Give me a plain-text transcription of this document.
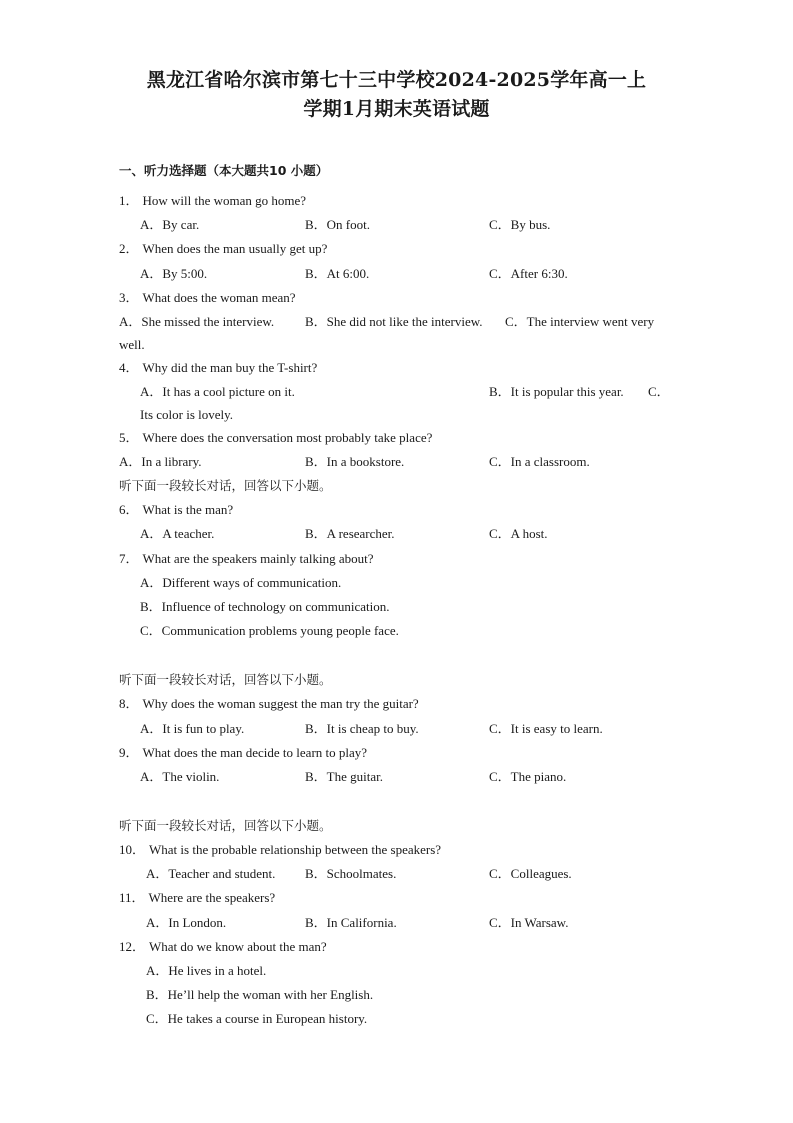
黑龙江省哈尔滨市第七十三中学校2024-2025学年高一上
学期1月期末英语试题
一、听力选择题（本大题共10 小题）
1． How will the woman go home?
A．By car.	B．On foot.	C．By bus.
2． When does the man usually get up?
A．By 5:00.	B．At 6:00.	C．After 6:30.
3． What does the woman mean?
A．She missed the interview. B．She did not like the interview. C．The interview went very
well.
4． Why did the man buy the T-shirt?
A．It has a cool picture on it.	B．It is popular this year. C．
Its color is lovely.
5． Where does the conversation most probably take place?
A．In a library.	B．In a bookstore.	C．In a classroom.
听下面一段较长对话，回答以下小题。
6． What is the man?
A．A teacher.	B．A researcher.	C．A host.
7． What are the speakers mainly talking about?
A．Different ways of communication.
B．Influence of technology on communication.
C．Communication problems young people face.
听下面一段较长对话，回答以下小题。
8． Why does the woman suggest the man try the guitar?
A．It is fun to play.	B．It is cheap to buy.	C．It is easy to learn.
9． What does the man decide to learn to play?
A．The violin.	B．The guitar.	C．The piano.
听下面一段较长对话，回答以下小题。
10． What is the probable relationship between the speakers?
A．Teacher and student. B．Schoolmates.	C．Colleagues.
11． Where are the speakers?
A．In London.	B．In California.	C．In Warsaw.
12． What do we know about the man?
A．He lives in a hotel.
B．He’ll help the woman with her English.
C．He takes a course in European history.
